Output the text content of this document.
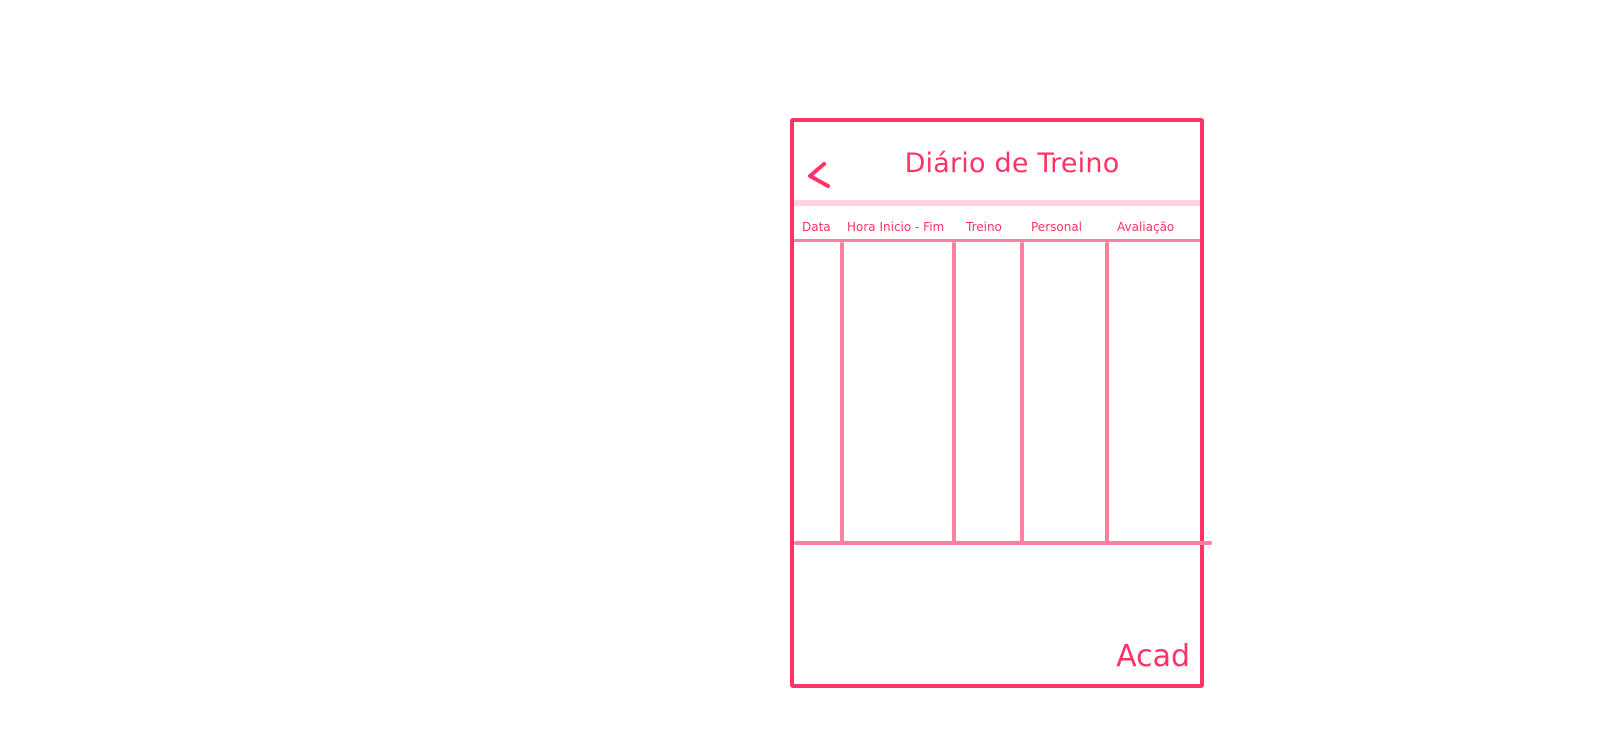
Diário de Treino
Data Hora Inicio - Fim Treino Personal	Avaliação
Acad
